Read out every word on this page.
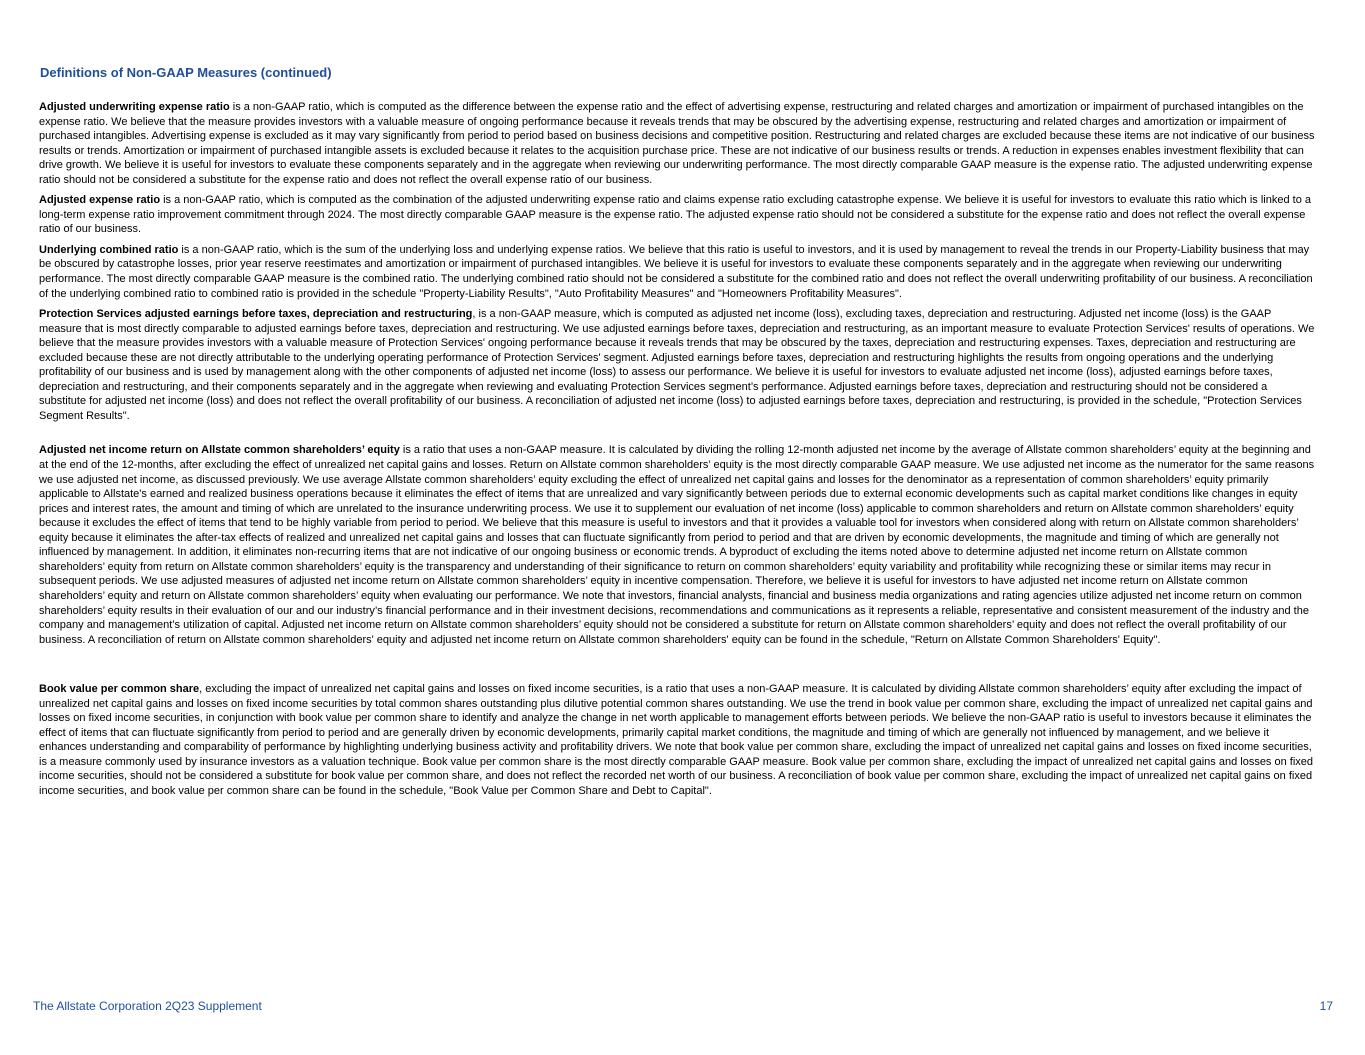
Definitions of Non-GAAP Measures (continued)

Adjusted underwriting expense ratio is a non-GAAP ratio, which is computed as the difference between the expense ratio and the effect of advertising expense, restructuring and related charges and amortization or impairment of purchased intangibles on the expense ratio. We believe that the measure provides investors with a valuable measure of ongoing performance because it reveals trends that may be obscured by the advertising expense, restructuring and related charges and amortization or impairment of purchased intangibles. Advertising expense is excluded as it may vary significantly from period to period based on business decisions and competitive position. Restructuring and related charges are excluded because these items are not indicative of our business results or trends. Amortization or impairment of purchased intangible assets is excluded because it relates to the acquisition purchase price. These are not indicative of our business results or trends. A reduction in expenses enables investment flexibility that can drive growth. We believe it is useful for investors to evaluate these components separately and in the aggregate when reviewing our underwriting performance. The most directly comparable GAAP measure is the expense ratio. The adjusted underwriting expense ratio should not be considered a substitute for the expense ratio and does not reflect the overall expense ratio of our business.

Adjusted expense ratio is a non-GAAP ratio, which is computed as the combination of the adjusted underwriting expense ratio and claims expense ratio excluding catastrophe expense. We believe it is useful for investors to evaluate this ratio which is linked to a long-term expense ratio improvement commitment through 2024. The most directly comparable GAAP measure is the expense ratio. The adjusted expense ratio should not be considered a substitute for the expense ratio and does not reflect the overall expense ratio of our business.

Underlying combined ratio is a non-GAAP ratio, which is the sum of the underlying loss and underlying expense ratios. We believe that this ratio is useful to investors, and it is used by management to reveal the trends in our Property-Liability business that may be obscured by catastrophe losses, prior year reserve reestimates and amortization or impairment of purchased intangibles. We believe it is useful for investors to evaluate these components separately and in the aggregate when reviewing our underwriting performance. The most directly comparable GAAP measure is the combined ratio. The underlying combined ratio should not be considered a substitute for the combined ratio and does not reflect the overall underwriting profitability of our business. A reconciliation of the underlying combined ratio to combined ratio is provided in the schedule "Property-Liability Results", "Auto Profitability Measures" and "Homeowners Profitability Measures".

Protection Services adjusted earnings before taxes, depreciation and restructuring, is a non-GAAP measure, which is computed as adjusted net income (loss), excluding taxes, depreciation and restructuring. Adjusted net income (loss) is the GAAP measure that is most directly comparable to adjusted earnings before taxes, depreciation and restructuring. We use adjusted earnings before taxes, depreciation and restructuring, as an important measure to evaluate Protection Services' results of operations. We believe that the measure provides investors with a valuable measure of Protection Services' ongoing performance because it reveals trends that may be obscured by the taxes, depreciation and restructuring expenses. Taxes, depreciation and restructuring are excluded because these are not directly attributable to the underlying operating performance of Protection Services' segment. Adjusted earnings before taxes, depreciation and restructuring highlights the results from ongoing operations and the underlying profitability of our business and is used by management along with the other components of adjusted net income (loss) to assess our performance. We believe it is useful for investors to evaluate adjusted net income (loss), adjusted earnings before taxes, depreciation and restructuring, and their components separately and in the aggregate when reviewing and evaluating Protection Services segment’s performance. Adjusted earnings before taxes, depreciation and restructuring should not be considered a substitute for adjusted net income (loss) and does not reflect the overall profitability of our business. A reconciliation of adjusted net income (loss) to adjusted earnings before taxes, depreciation and restructuring, is provided in the schedule, "Protection Services Segment Results".

Adjusted net income return on Allstate common shareholders’ equity is a ratio that uses a non-GAAP measure. It is calculated by dividing the rolling 12-month adjusted net income by the average of Allstate common shareholders’ equity at the beginning and at the end of the 12-months, after excluding the effect of unrealized net capital gains and losses. Return on Allstate common shareholders’ equity is the most directly comparable GAAP measure. We use adjusted net income as the numerator for the same reasons we use adjusted net income, as discussed previously. We use average Allstate common shareholders’ equity excluding the effect of unrealized net capital gains and losses for the denominator as a representation of common shareholders’ equity primarily applicable to Allstate's earned and realized business operations because it eliminates the effect of items that are unrealized and vary significantly between periods due to external economic developments such as capital market conditions like changes in equity prices and interest rates, the amount and timing of which are unrelated to the insurance underwriting process. We use it to supplement our evaluation of net income (loss) applicable to common shareholders and return on Allstate common shareholders’ equity because it excludes the effect of items that tend to be highly variable from period to period. We believe that this measure is useful to investors and that it provides a valuable tool for investors when considered along with return on Allstate common shareholders’ equity because it eliminates the after-tax effects of realized and unrealized net capital gains and losses that can fluctuate significantly from period to period and that are driven by economic developments, the magnitude and timing of which are generally not influenced by management. In addition, it eliminates non-recurring items that are not indicative of our ongoing business or economic trends. A byproduct of excluding the items noted above to determine adjusted net income return on Allstate common shareholders’ equity from return on Allstate common shareholders’ equity is the transparency and understanding of their significance to return on common shareholders’ equity variability and profitability while recognizing these or similar items may recur in subsequent periods. We use adjusted measures of adjusted net income return on Allstate common shareholders’ equity in incentive compensation. Therefore, we believe it is useful for investors to have adjusted net income return on Allstate common shareholders’ equity and return on Allstate common shareholders’ equity when evaluating our performance. We note that investors, financial analysts, financial and business media organizations and rating agencies utilize adjusted net income return on common shareholders’ equity results in their evaluation of our and our industry’s financial performance and in their investment decisions, recommendations and communications as it represents a reliable, representative and consistent measurement of the industry and the company and management’s utilization of capital. Adjusted net income return on Allstate common shareholders’ equity should not be considered a substitute for return on Allstate common shareholders’ equity and does not reflect the overall profitability of our business. A reconciliation of return on Allstate common shareholders' equity and adjusted net income return on Allstate common shareholders' equity can be found in the schedule, "Return on Allstate Common Shareholders' Equity".

Book value per common share, excluding the impact of unrealized net capital gains and losses on fixed income securities, is a ratio that uses a non-GAAP measure. It is calculated by dividing Allstate common shareholders’ equity after excluding the impact of unrealized net capital gains and losses on fixed income securities by total common shares outstanding plus dilutive potential common shares outstanding. We use the trend in book value per common share, excluding the impact of unrealized net capital gains and losses on fixed income securities, in conjunction with book value per common share to identify and analyze the change in net worth applicable to management efforts between periods. We believe the non-GAAP ratio is useful to investors because it eliminates the effect of items that can fluctuate significantly from period to period and are generally driven by economic developments, primarily capital market conditions, the magnitude and timing of which are generally not influenced by management, and we believe it enhances understanding and comparability of performance by highlighting underlying business activity and profitability drivers. We note that book value per common share, excluding the impact of unrealized net capital gains and losses on fixed income securities, is a measure commonly used by insurance investors as a valuation technique. Book value per common share is the most directly comparable GAAP measure. Book value per common share, excluding the impact of unrealized net capital gains and losses on fixed income securities, should not be considered a substitute for book value per common share, and does not reflect the recorded net worth of our business. A reconciliation of book value per common share, excluding the impact of unrealized net capital gains on fixed income securities, and book value per common share can be found in the schedule, "Book Value per Common Share and Debt to Capital".

The Allstate Corporation 2Q23 Supplement	17
